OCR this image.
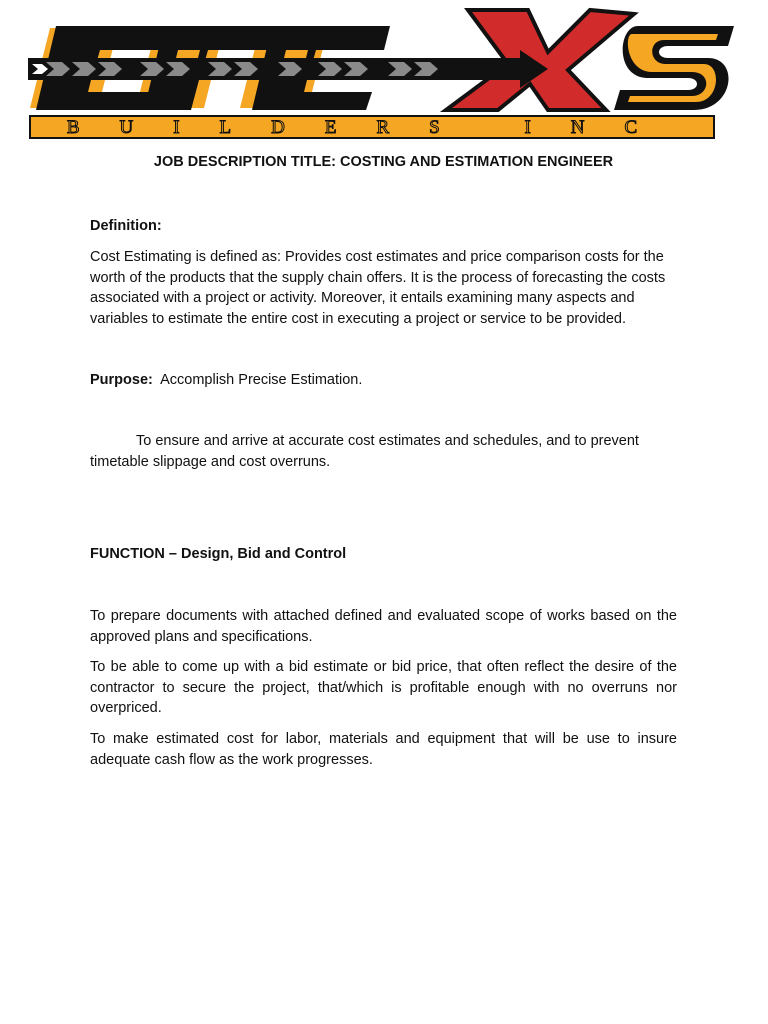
BUILDERS INC

JOB DESCRIPTION TITLE: COSTING AND ESTIMATION ENGINEER

Definition:

Cost Estimating is defined as: Provides cost estimates and price comparison costs for the worth of the products that the supply chain offers. It is the process of forecasting the costs associated with a project or activity. Moreover, it entails examining many aspects and variables to estimate the entire cost in executing a project or service to be provided.

Purpose: Accomplish Precise Estimation.

To ensure and arrive at accurate cost estimates and schedules, and to prevent timetable slippage and cost overruns.

FUNCTION – Design, Bid and Control

To prepare documents with attached defined and evaluated scope of works based on the approved plans and specifications.

To be able to come up with a bid estimate or bid price, that often reflect the desire of the contractor to secure the project, that/which is profitable enough with no overruns nor overpriced.

To make estimated cost for labor, materials and equipment that will be use to insure adequate cash flow as the work progresses.
